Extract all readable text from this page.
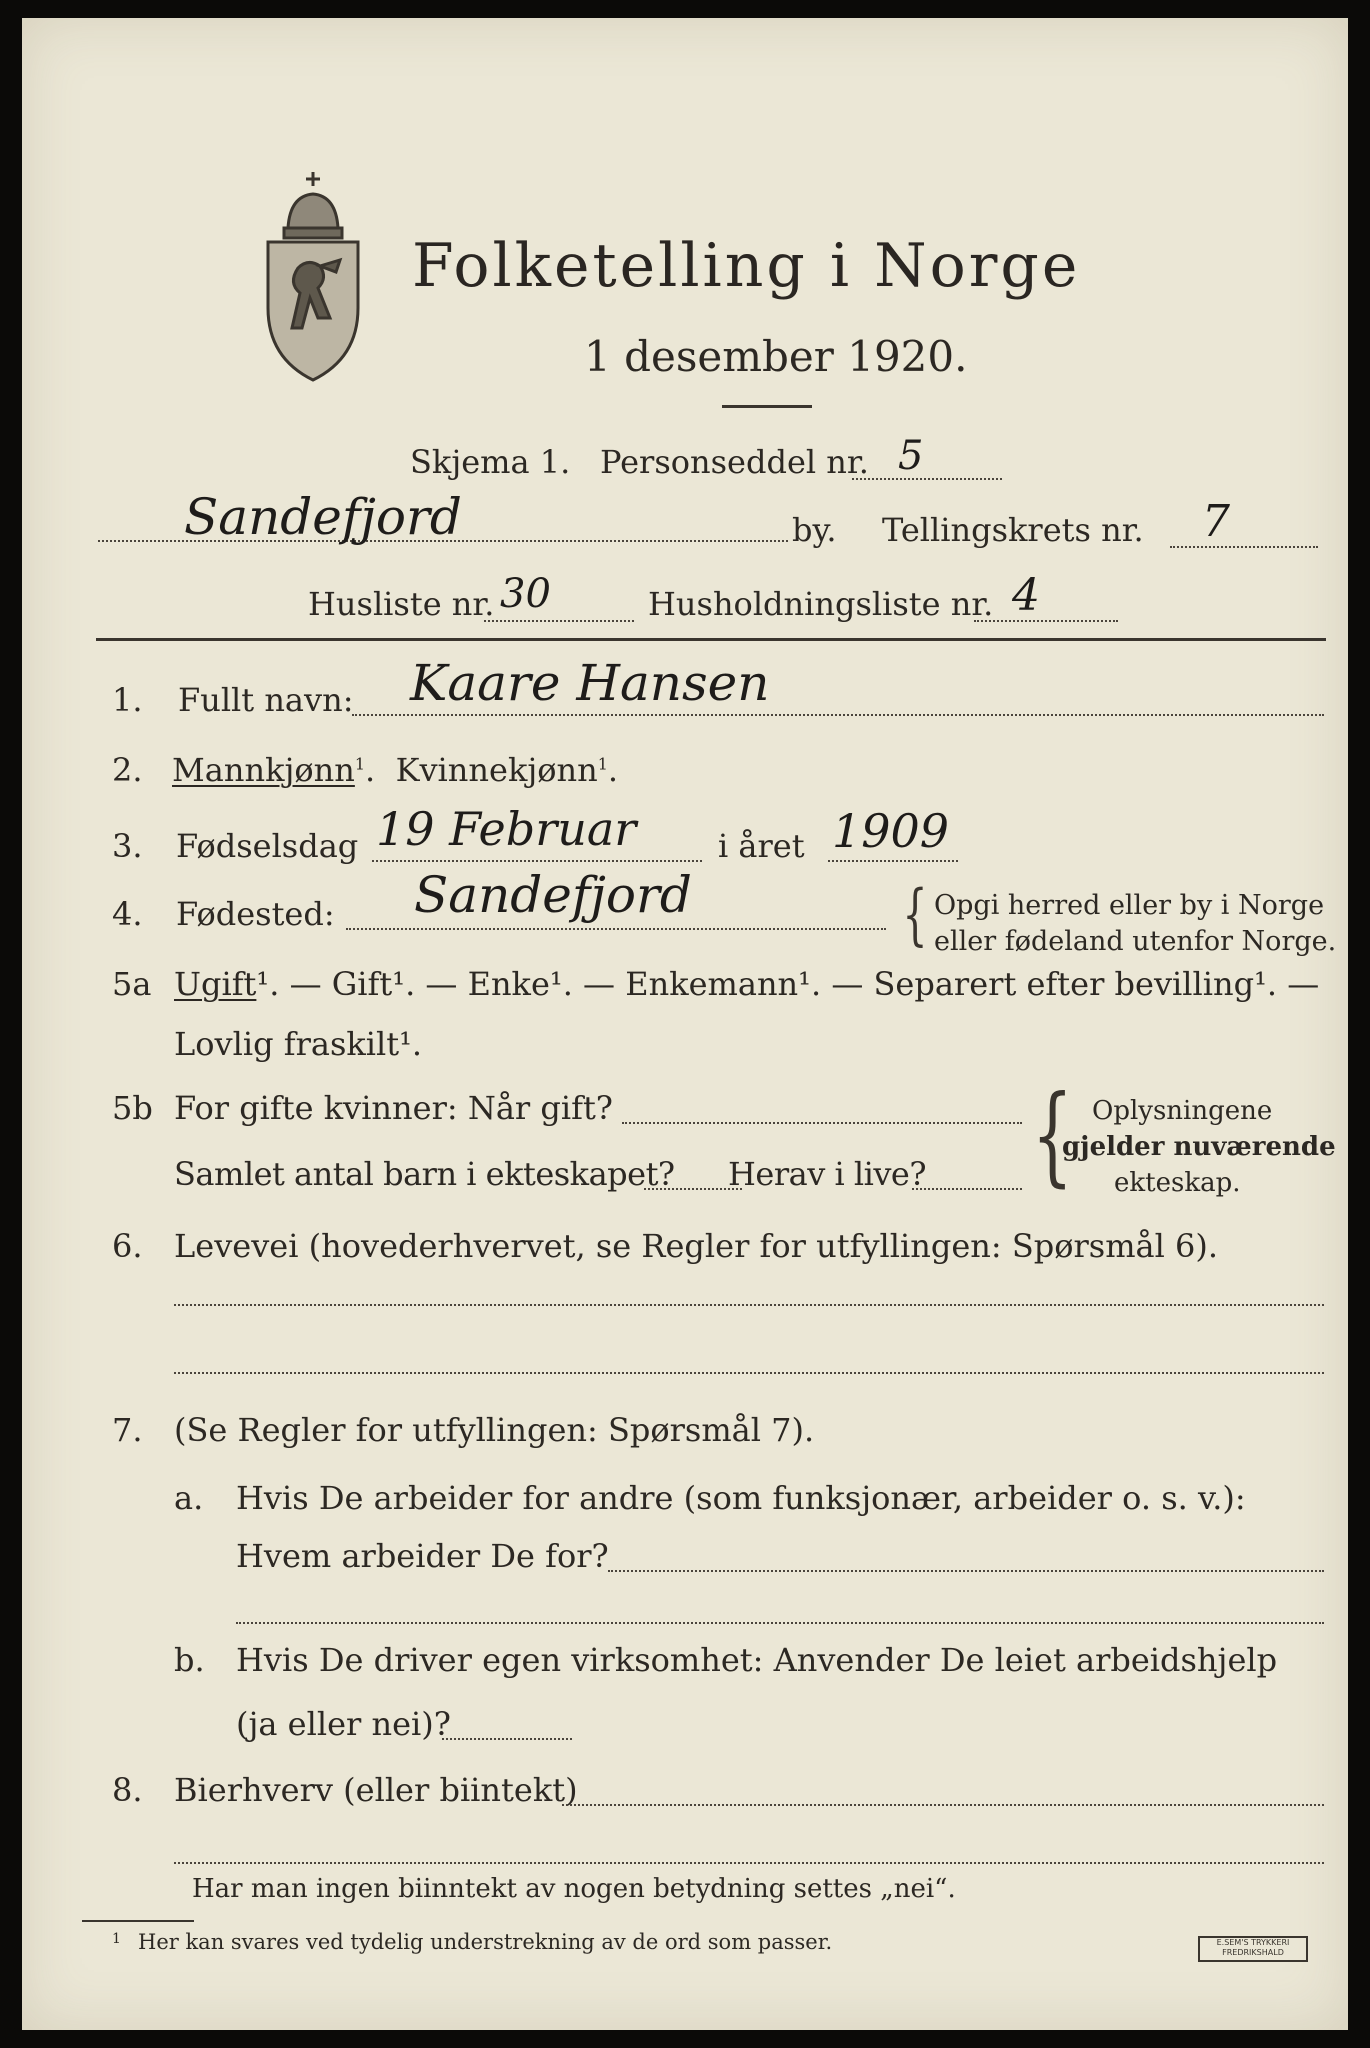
Folketelling i Norge
1 desember 1920.
Skjema 1. Personseddel nr. 5
Sandefjord	by. Tellingskrets nr. 7
Husliste nr. 30	Husholdningsliste nr. 4
1. Fullt navn: Kaare Hansen
2. Mannkjønn$^1$. Kvinnekjønn$^1$.
3. Fødselsdag 19 Februar	i året 1909
4. Fødested: Sandefjord	{ Opgi herred eller by i Norge
eller fødeland utenfor Norge.
5a Ugift¹. — Gift¹. — Enke¹. — Enkemann¹. — Separert efter bevilling¹. —
Lovlig fraskilt¹.
5b For gifte kvinner: Når gift?
Samlet antal barn i ekteskapet? Herav i live? { Oplysningene
gjelder nuværende
ekteskap.
6. Levevei (hovederhvervet, se Regler for utfyllingen: Spørsmål 6).
7. (Se Regler for utfyllingen: Spørsmål 7).
a. Hvis De arbeider for andre (som funksjonær, arbeider o. s. v.):
Hvem arbeider De for?
b. Hvis De driver egen virksomhet: Anvender De leiet arbeidshjelp
(ja eller nei)?
8. Bierhverv (eller biintekt)
Har man ingen biinntekt av nogen betydning settes „nei“.
1 Her kan svares ved tydelig understrekning av de ord som passer.	E.SEM'S TRYKKERI FREDRIKSHALD
